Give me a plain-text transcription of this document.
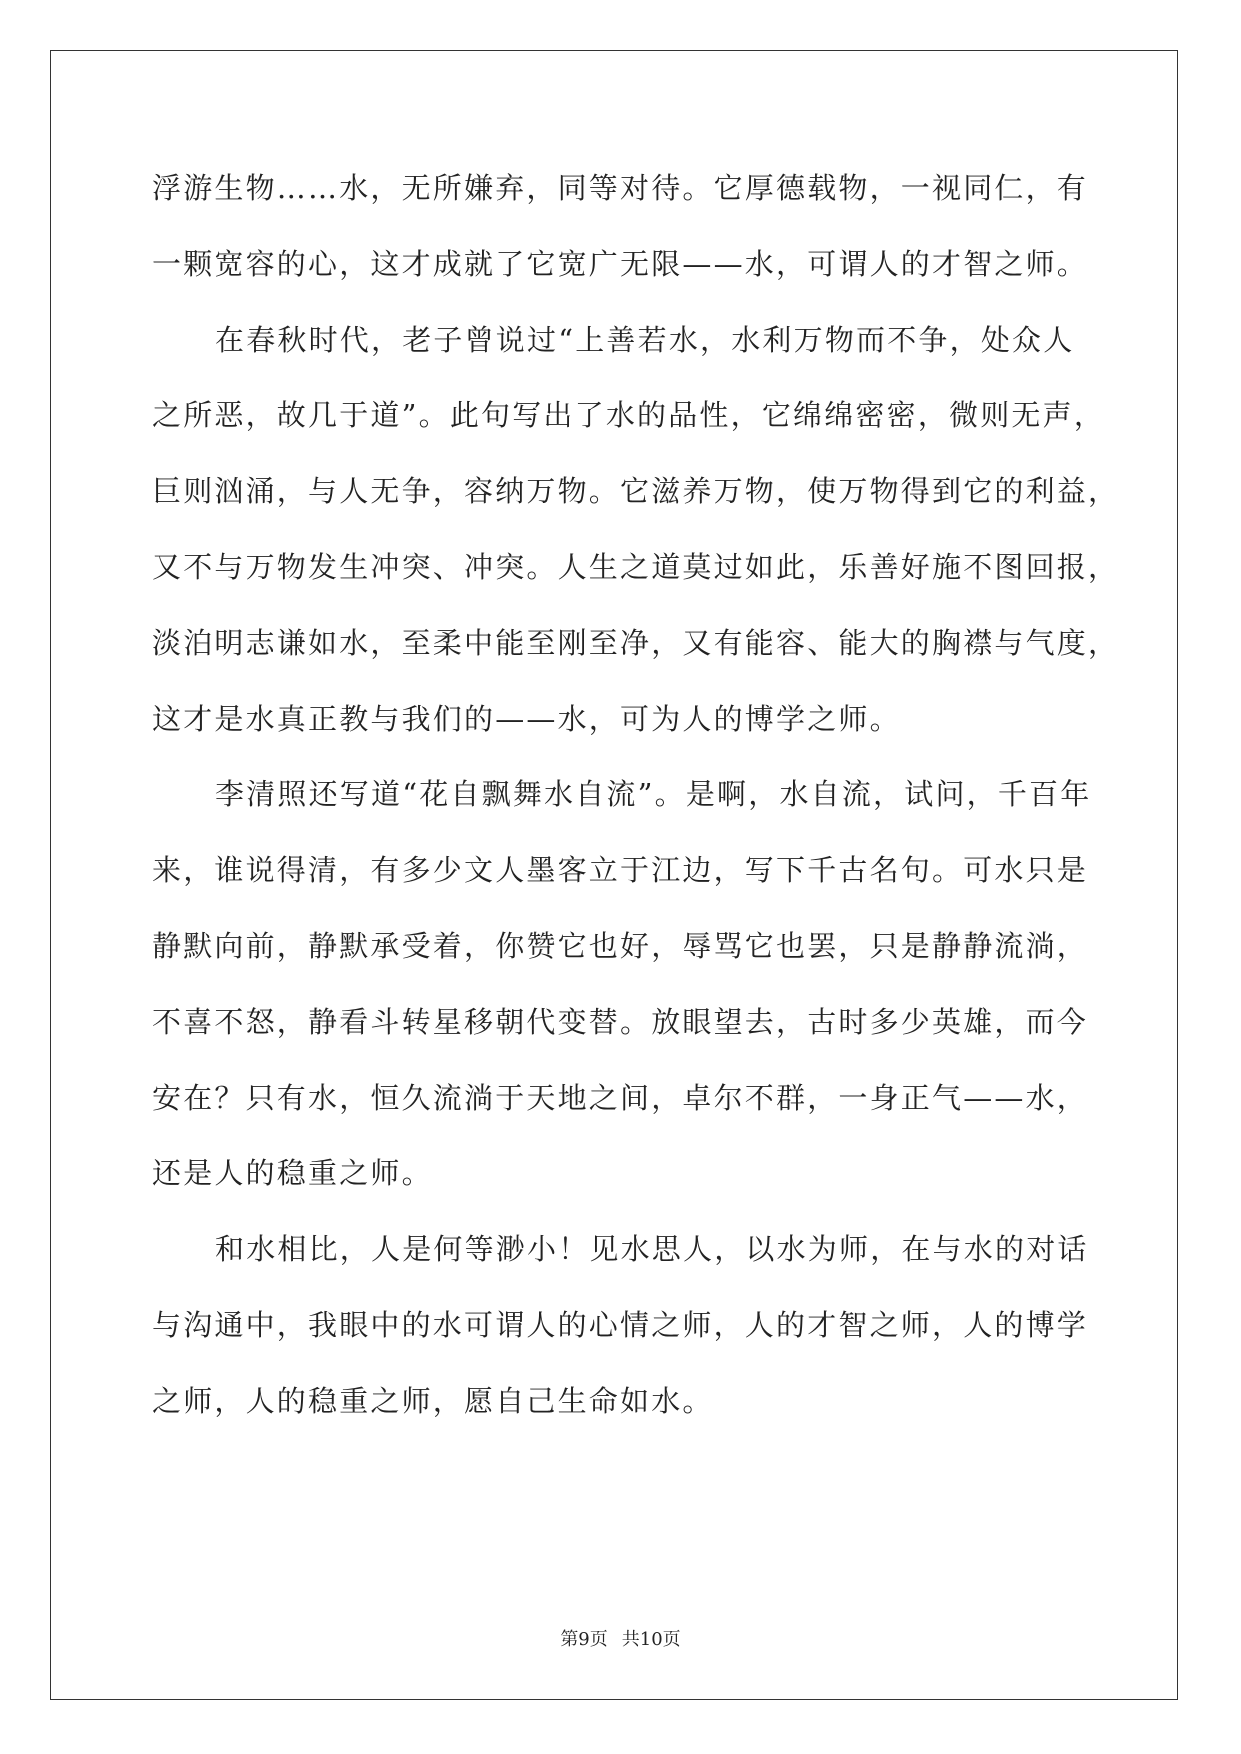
浮游生物……水，无所嫌弃，同等对待。它厚德载物，一视同仁，有
一颗宽容的心，这才成就了它宽广无限——水，可谓人的才智之师。
在春秋时代，老子曾说过“上善若水，水利万物而不争，处众人
之所恶，故几于道”。此句写出了水的品性，它绵绵密密，微则无声，
巨则汹涌，与人无争，容纳万物。它滋养万物，使万物得到它的利益，
又不与万物发生冲突、冲突。人生之道莫过如此，乐善好施不图回报，
淡泊明志谦如水，至柔中能至刚至净，又有能容、能大的胸襟与气度，
这才是水真正教与我们的——水，可为人的博学之师。
李清照还写道“花自飘舞水自流”。是啊，水自流，试问，千百年
来，谁说得清，有多少文人墨客立于江边，写下千古名句。可水只是
静默向前，静默承受着，你赞它也好，辱骂它也罢，只是静静流淌，
不喜不怒，静看斗转星移朝代变替。放眼望去，古时多少英雄，而今
安在？只有水，恒久流淌于天地之间，卓尔不群，一身正气——水，
还是人的稳重之师。
和水相比，人是何等渺小！见水思人，以水为师，在与水的对话
与沟通中，我眼中的水可谓人的心情之师，人的才智之师，人的博学
之师，人的稳重之师，愿自己生命如水。
第9页 共10页
